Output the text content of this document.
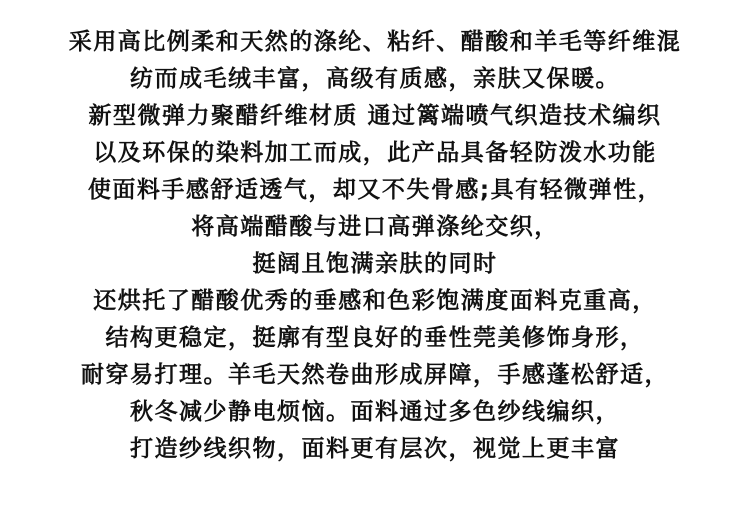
采用高比例柔和天然的涤纶、粘纤、醋酸和羊毛等纤维混
纺而成毛绒丰富，高级有质感，亲肤又保暖。
新型微弹力聚醋纤维材质 通过篱端喷气织造技术编织
以及环保的染料加工而成，此产品具备轻防泼水功能
使面料手感舒适透气，却又不失骨感;具有轻微弹性，
将高端醋酸与进口高弹涤纶交织，
挺阔且饱满亲肤的同时
还烘托了醋酸优秀的垂感和色彩饱满度面料克重高，
结构更稳定，挺廓有型良好的垂性莞美修饰身形，
耐穿易打理。羊毛天然卷曲形成屏障，手感蓬松舒适，
秋冬减少静电烦恼。面料通过多色纱线编织，
打造纱线织物，面料更有层次，视觉上更丰富
